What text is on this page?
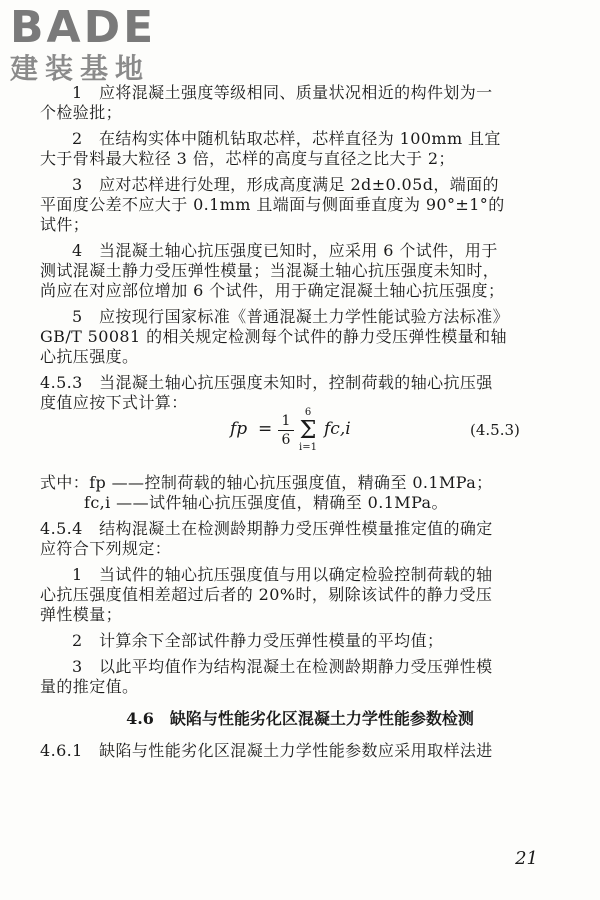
BADE
建装基地
1　应将混凝土强度等级相同、质量状况相近的构件划为一
个检验批；
2　在结构实体中随机钻取芯样，芯样直径为 100mm 且宜
大于骨料最大粒径 3 倍，芯样的高度与直径之比大于 2；
3　应对芯样进行处理，形成高度满足 2d±0.05d，端面的
平面度公差不应大于 0.1mm 且端面与侧面垂直度为 90°±1°的
试件；
4　当混凝土轴心抗压强度已知时，应采用 6 个试件，用于
测试混凝土静力受压弹性模量；当混凝土轴心抗压强度未知时，
尚应在对应部位增加 6 个试件，用于确定混凝土轴心抗压强度；
5　应按现行国家标准《普通混凝土力学性能试验方法标准》
GB/T 50081 的相关规定检测每个试件的静力受压弹性模量和轴
心抗压强度。
4.5.3　当混凝土轴心抗压强度未知时，控制荷载的轴心抗压强
度值应按下式计算：
fp = 1
6
6
Σ
i=1
fc,i	(4.5.3)
式中：fp ——控制荷载的轴心抗压强度值，精确至 0.1MPa；
fc,i ——试件轴心抗压强度值，精确至 0.1MPa。
4.5.4　结构混凝土在检测龄期静力受压弹性模量推定值的确定
应符合下列规定：
1　当试件的轴心抗压强度值与用以确定检验控制荷载的轴
心抗压强度值相差超过后者的 20%时，剔除该试件的静力受压
弹性模量；
2　计算余下全部试件静力受压弹性模量的平均值；
3　以此平均值作为结构混凝土在检测龄期静力受压弹性模
量的推定值。
4.6　缺陷与性能劣化区混凝土力学性能参数检测
4.6.1　缺陷与性能劣化区混凝土力学性能参数应采用取样法进
21
